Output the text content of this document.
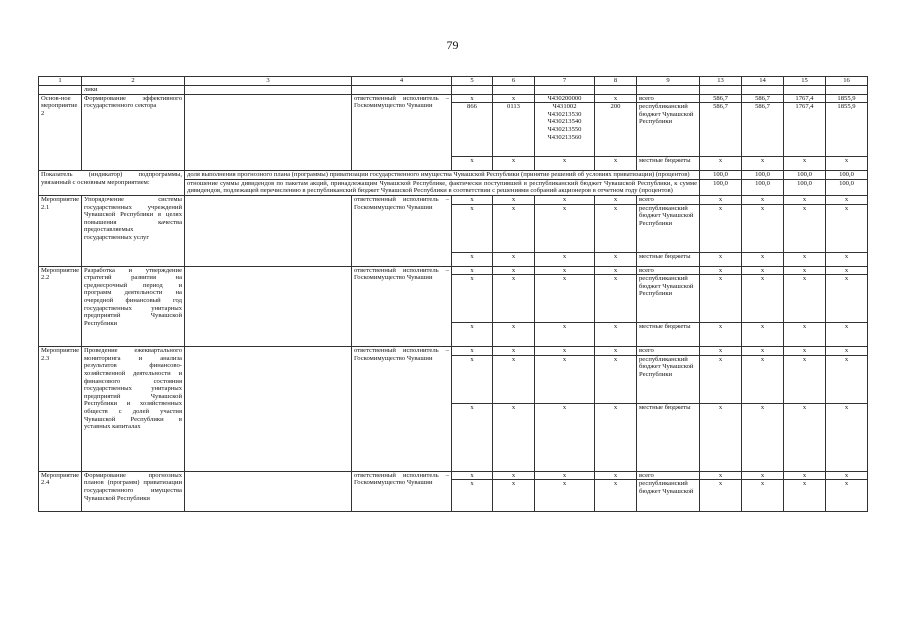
79
1	2	3	4	5	6	7	8	9	13	14	15	16
	лики											
Основ-ное мероприятие 2	Формирование эффективного государственного сектора		ответственный исполнитель – Госкомимущество Чувашии	x	x	Ч430200000	x	всего	586,7	586,7	1767,4	1855,9
				866	0113	Ч431002 Ч430213530 Ч430213540 Ч430213550 Ч430213560	200	республиканский бюджет Чувашской Республики	586,7	586,7	1767,4	1855,9
				x	x	x	x	местные бюджеты	x	x	x	x
Показатель (индикатор) подпрограммы, увязанный с основным мероприятием:		доля выполнения прогнозного плана (программы) приватизации государственного имущества Чувашской Республики (принятие решений об условиях приватизации) (процентов)							100,0	100,0	100,0	100,0
		отношение суммы дивидендов по пакетам акций, принадлежащим Чувашской Республике, фактически поступившей в республиканский бюджет Чувашской Республики, к сумме дивидендов, подлежащей перечислению в республиканский бюджет Чувашской Республики в соответствии с решениями собраний акционеров в отчетном году (процентов)							100,0	100,0	100,0	100,0
Мероприятие 2.1	Упорядочение системы государственных учреждений Чувашской Республики в целях повышения качества предоставляемых государственных услуг		ответственный исполнитель – Госкомимущество Чувашии	x	x	x	x	всего	x	x	x	x
				x	x	x	x	республиканский бюджет Чувашской Республики	x	x	x	x
				x	x	x	x	местные бюджеты	x	x	x	x
Мероприятие 2.2	Разработка и утверждение стратегий развития на среднесрочный период и программ деятельности на очередной финансовый год государственных унитарных предприятий Чувашской Республики		ответственный исполнитель – Госкомимущество Чувашии	x	x	x	x	всего	x	x	x	x
				x	x	x	x	республиканский бюджет Чувашской Республики	x	x	x	x
				x	x	x	x	местные бюджеты	x	x	x	x
Мероприятие 2.3	Проведение ежеквартального мониторинга и анализа результатов финансово-хозяйственной деятельности и финансового состояния государственных унитарных предприятий Чувашской Республики и хозяйственных обществ с долей участия Чувашской Республики в уставных капиталах		ответственный исполнитель – Госкомимущество Чувашии	x	x	x	x	всего	x	x	x	x
				x	x	x	x	республиканский бюджет Чувашской Республики	x	x	x	x
				x	x	x	x	местные бюджеты	x	x	x	x
Мероприятие 2.4	Формирование прогнозных планов (программ) приватизации государственного имущества Чувашской Республики		ответственный исполнитель – Госкомимущество Чувашии	x	x	x	x	всего	x	x	x	x
				x	x	x	x	республиканский бюджет Чувашской	x	x	x	x
